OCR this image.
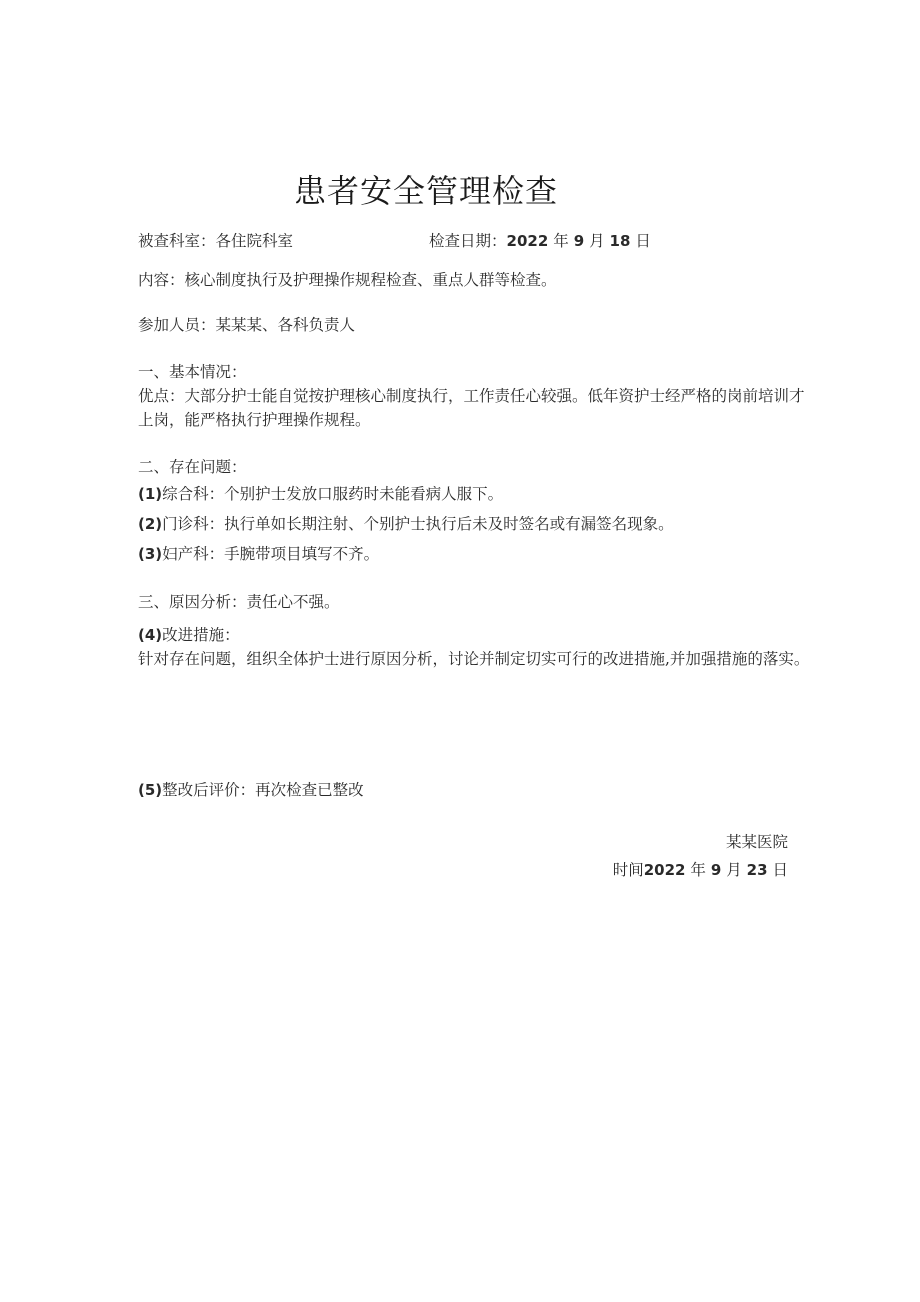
患者安全管理检查
被查科室：各住院科室	检查日期：2022 年 9 月 18 日
内容：核心制度执行及护理操作规程检查、重点人群等检查。
参加人员：某某某、各科负责人
一、基本情况：
优点：大部分护士能自觉按护理核心制度执行，工作责任心较强。低年资护士经严格的岗前培训才上岗，能严格执行护理操作规程。
二、存在问题：
(1)综合科：个别护士发放口服药时未能看病人服下。
(2)门诊科：执行单如长期注射、个别护士执行后未及时签名或有漏签名现象。
(3)妇产科：手腕带项目填写不齐。
三、原因分析：责任心不强。
(4)改进措施：
针对存在问题，组织全体护士进行原因分析，讨论并制定切实可行的改进措施,并加强措施的落实。
(5)整改后评价：再次检查已整改
某某医院
时间2022 年 9 月 23 日
